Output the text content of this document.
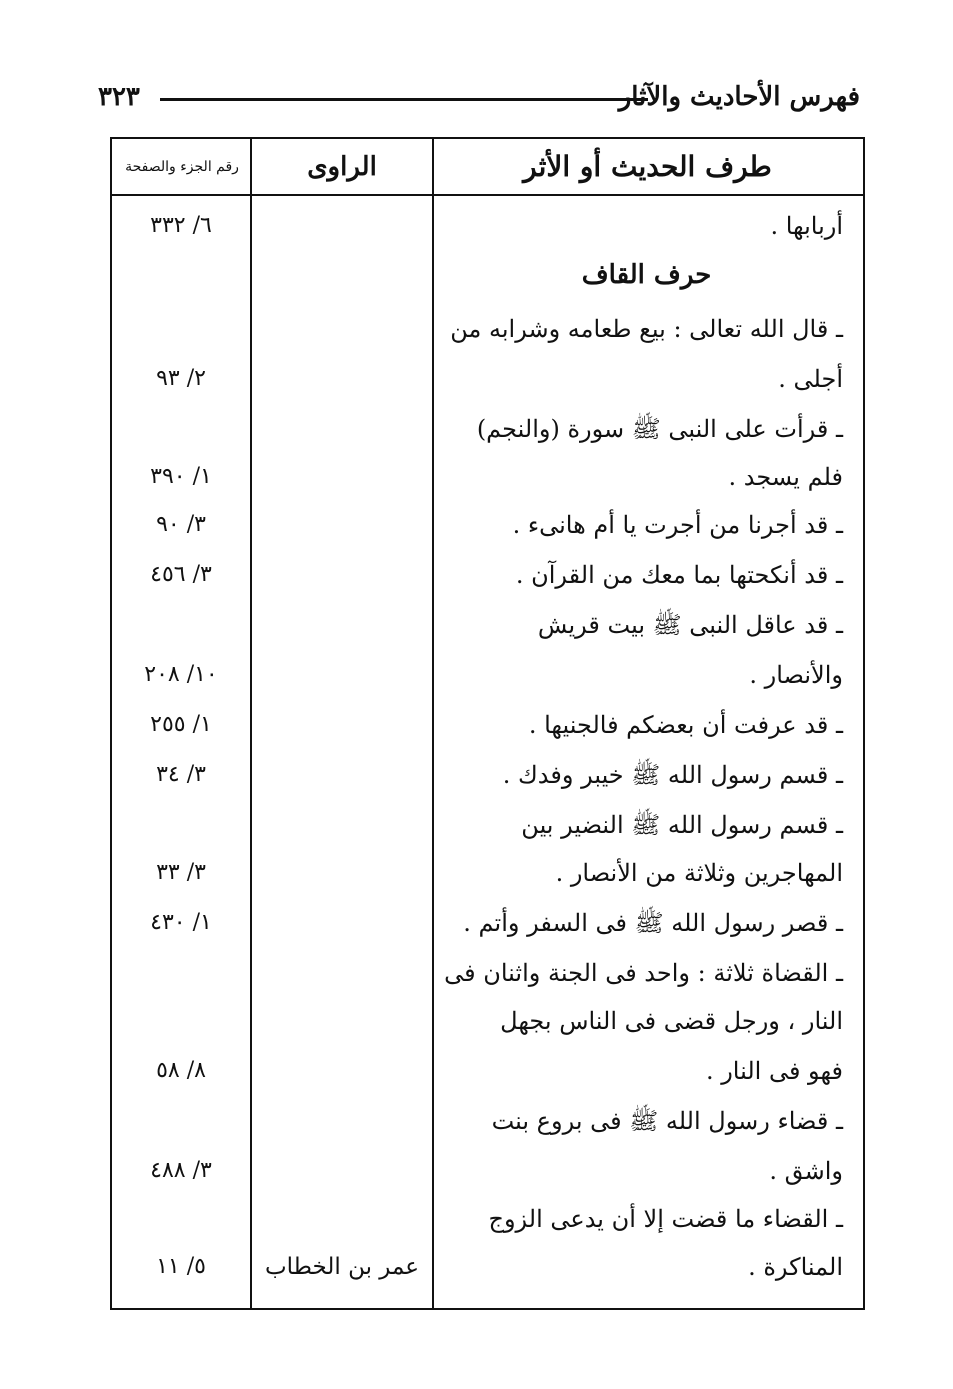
فهرس الأحاديث والآثار
٣٢٣
طرف الحديث أو الأثر
الراوى
رقم الجزء والصفحة
أربابها .
حرف القاف
ـ قال الله تعالى : بيع طعامه وشرابه من
أجلى .
ـ قرأت على النبى ﷺ سورة (والنجم)
فلم يسجد .
ـ قد أجرنا من أجرت يا أم هانىء .
ـ قد أنكحتها بما معك من القرآن .
ـ قد عاقل النبى ﷺ بيت قريش
والأنصار .
ـ قد عرفت أن بعضكم فالجنيها .
ـ قسم رسول الله ﷺ خيبر وفدك .
ـ قسم رسول الله ﷺ النضير بين
المهاجرين وثلاثة من الأنصار .
ـ قصر رسول الله ﷺ فى السفر وأتم .
ـ القضاة ثلاثة : واحد فى الجنة واثنان فى
النار ، ورجل قضى فى الناس بجهل
فهو فى النار .
ـ قضاء رسول الله ﷺ فى بروع بنت
واشق .
ـ القضاء ما قضت إلا أن يدعى الزوج
المناكرة .
٦/ ٣٣٢
٢/ ٩٣
١/ ٣٩٠
٣/ ٩٠
٣/ ٤٥٦
١٠/ ٢٠٨
١/ ٢٥٥
٣/ ٣٤
٣/ ٣٣
١/ ٤٣٠
٨/ ٥٨
٣/ ٤٨٨
٥/ ١١	عمر بن الخطاب
